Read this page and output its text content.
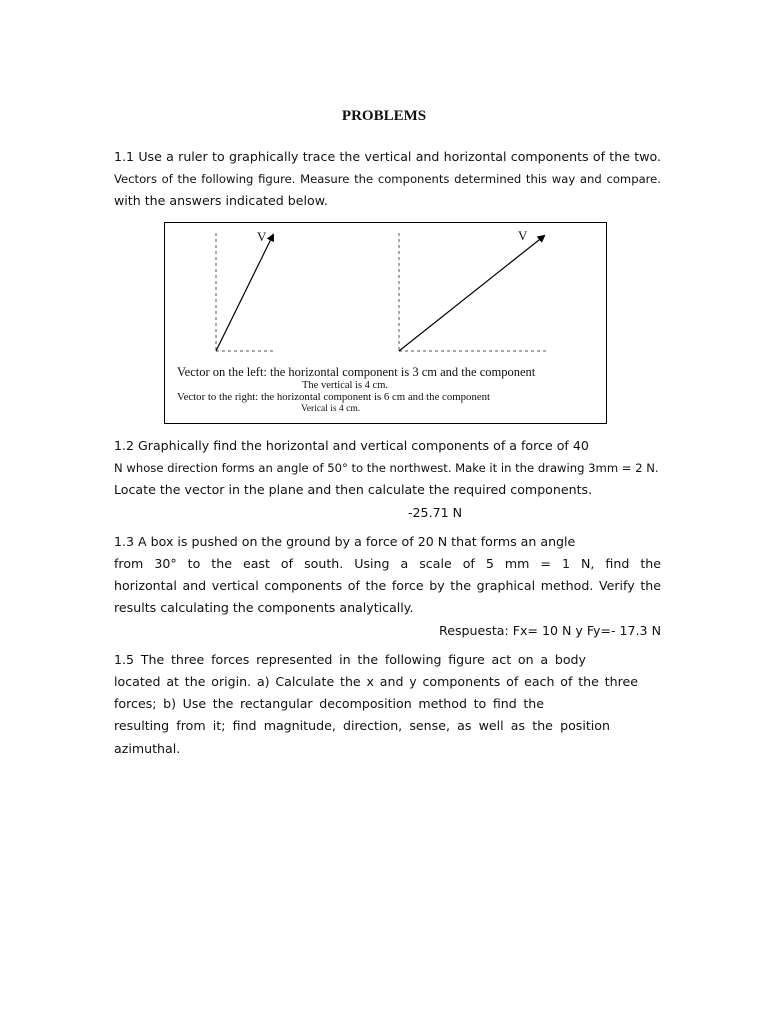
PROBLEMS
1.1 Use a ruler to graphically trace the vertical and horizontal components of the two.
Vectors of the following figure. Measure the components determined this way and compare.
with the answers indicated below.
V	V
Vector on the left: the horizontal component is 3 cm and the component
The vertical is 4 cm.
Vector to the right: the horizontal component is 6 cm and the component
Verical is 4 cm.
1.2 Graphically find the horizontal and vertical components of a force of 40
N whose direction forms an angle of 50° to the northwest. Make it in the drawing 3mm = 2 N.
Locate the vector in the plane and then calculate the required components.
-25.71 N
1.3 A box is pushed on the ground by a force of 20 N that forms an angle
from 30° to the east of south. Using a scale of 5 mm = 1 N, find the
horizontal and vertical components of the force by the graphical method. Verify the
results calculating the components analytically.
Respuesta: Fx= 10 N y Fy=- 17.3 N
1.5 The three forces represented in the following figure act on a body
located at the origin. a) Calculate the x and y components of each of the three
forces; b) Use the rectangular decomposition method to find the
resulting from it; find magnitude, direction, sense, as well as the position
azimuthal.
